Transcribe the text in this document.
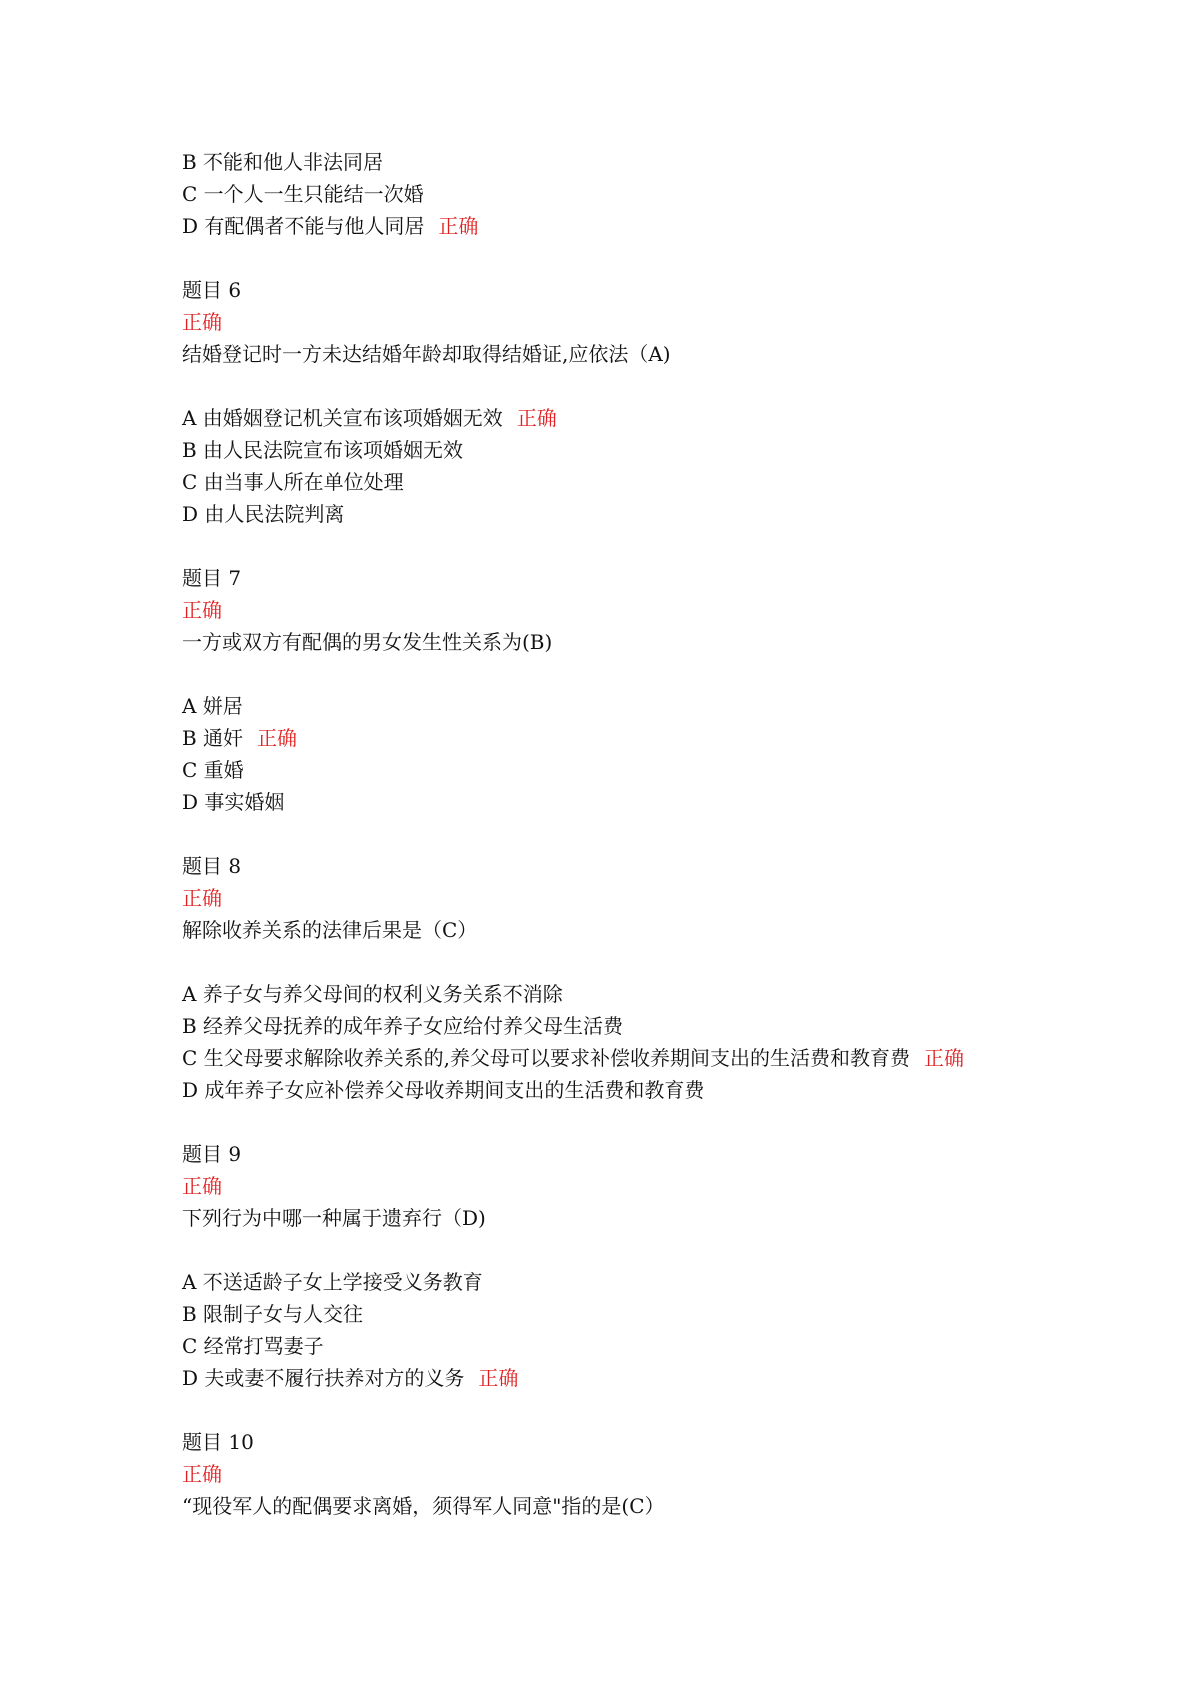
B 不能和他人非法同居
C 一个人一生只能结一次婚
D 有配偶者不能与他人同居 正确
题目 6
正确
结婚登记时一方未达结婚年龄却取得结婚证,应依法（A)
A 由婚姻登记机关宣布该项婚姻无效 正确
B 由人民法院宣布该项婚姻无效
C 由当事人所在单位处理
D 由人民法院判离
题目 7
正确
一方或双方有配偶的男女发生性关系为(B)
A 姘居
B 通奸 正确
C 重婚
D 事实婚姻
题目 8
正确
解除收养关系的法律后果是（C）
A 养子女与养父母间的权利义务关系不消除
B 经养父母抚养的成年养子女应给付养父母生活费
C 生父母要求解除收养关系的,养父母可以要求补偿收养期间支出的生活费和教育费 正确
D 成年养子女应补偿养父母收养期间支出的生活费和教育费
题目 9
正确
下列行为中哪一种属于遗弃行（D)
A 不送适龄子女上学接受义务教育
B 限制子女与人交往
C 经常打骂妻子
D 夫或妻不履行扶养对方的义务 正确
题目 10
正确
“现役军人的配偶要求离婚，须得军人同意"指的是(C）
